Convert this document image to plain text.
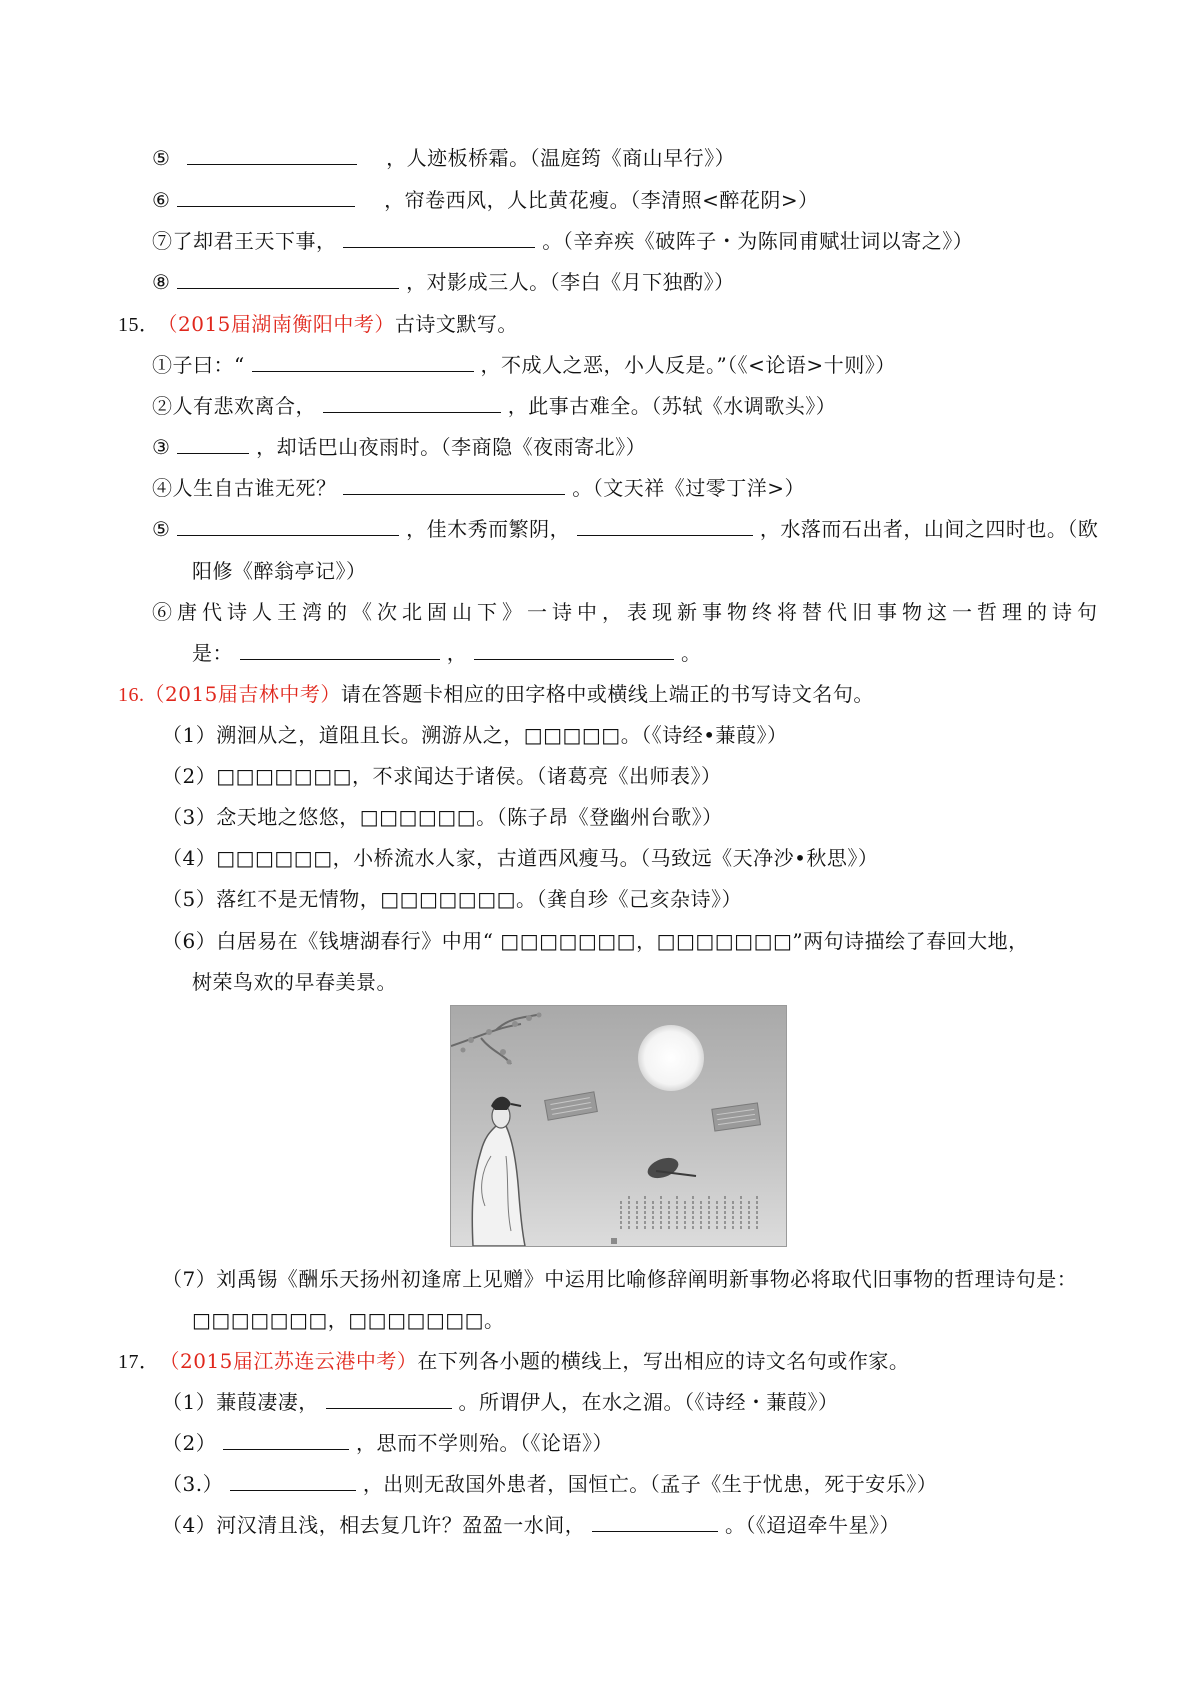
⑤	，人迹板桥霜。（温庭筠《商山早行》）
⑥	，帘卷西风，人比黄花瘦。（李清照<醉花阴>）
⑦了却君王天下事，	。（辛弃疾《破阵子・为陈同甫赋壮词以寄之》）
⑧	，对影成三人。（李白《月下独酌》）
15． （2015届湖南衡阳中考）古诗文默写。
①子曰：“	，不成人之恶，小人反是。”（《<论语>十则》）
②人有悲欢离合，	，此事古难全。（苏轼《水调歌头》）
③	，却话巴山夜雨时。（李商隐《夜雨寄北》）
④人生自古谁无死？	。（文天祥《过零丁洋>）
⑤	，佳木秀而繁阴，	，水落而石出者，山间之四时也。（欧
阳修《醉翁亭记》）
⑥唐代诗人王湾的《次北固山下》一诗中，表现新事物终将替代旧事物这一哲理的诗句
是：	，	。
16.（2015届吉林中考）请在答题卡相应的田字格中或横线上端正的书写诗文名句。
（1）溯洄从之，道阻且长。溯游从之，□□□□□。（《诗经•蒹葭》）
（2）□□□□□□□，不求闻达于诸侯。（诸葛亮《出师表》）
（3）念天地之悠悠，□□□□□□。（陈子昂《登幽州台歌》）
（4）□□□□□□，小桥流水人家，古道西风瘦马。（马致远《天净沙•秋思》）
（5）落红不是无情物，□□□□□□□。（龚自珍《己亥杂诗》）
（6）白居易在《钱塘湖春行》中用“ □□□□□□□，□□□□□□□”两句诗描绘了春回大地，
树荣鸟欢的早春美景。
（7）刘禹锡《酬乐天扬州初逢席上见赠》中运用比喻修辞阐明新事物必将取代旧事物的哲理诗句是：
□□□□□□□，□□□□□□□。
17． （2015届江苏连云港中考）在下列各小题的横线上，写出相应的诗文名句或作家。
（1）蒹葭凄凄，	。所谓伊人，在水之湄。（《诗经・蒹葭》）
（2）	，思而不学则殆。（《论语》）
（3.）	，出则无敌国外患者，国恒亡。（孟子《生于忧患，死于安乐》）
（4）河汉清且浅，相去复几许？盈盈一水间，	。（《迢迢牵牛星》）
